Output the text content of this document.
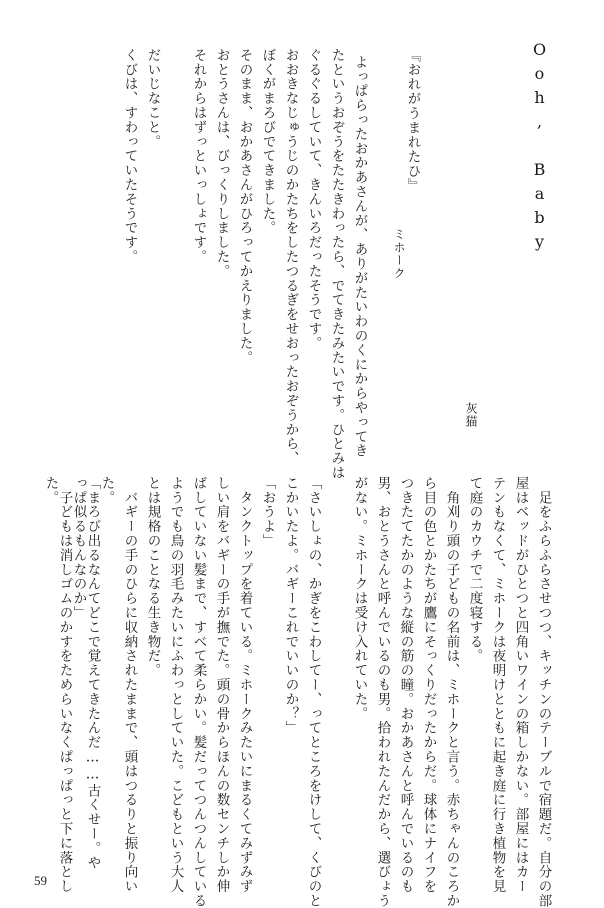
Ooh, Baby
『おれがうまれたひ』
ミホーク
よっぱらったおかあさんが、ありがたいわのくにからやってき
たというおぞうをたたきわったら、でてきたみたいです。ひとみは
ぐるぐるしていて、きんいろだったそうです。
おおきなじゅうじのかたちをしたつるぎをせおったおぞうから、
ぼくがまろびでてきました。
そのまま、おかあさんがひろってかえりました。
おとうさんは、びっくりしました。
それからはずっといっしょです。
だいじなこと。
くびは、すわっていたそうです。
灰猫
　足をふらふらさせつつ、キッチンのテーブルで宿題だ。自分の部
屋はベッドがひとつと四角いワインの箱しかない。部屋にはカー
テンもなくて、ミホークは夜明けとともに起き庭に行き植物を見
て庭のカウチで二度寝する。
　角刈り頭の子どもの名前は、ミホークと言う。赤ちゃんのころか
ら目の色とかたちが鷹にそっくりだったからだ。球体にナイフを
つきたてたかのような縦の筋の瞳。おかあさんと呼んでいるのも
男、おとうさんと呼んでいるのも男。拾われたんだから、選びょう
がない。ミホークは受け入れていた。
「さいしょの、かぎをこわしてー、ってところをけして、くびのと
こかいたよ。バギーこれでいいのか？」
「おうよ」
　タンクトップを着ている。ミホークみたいにまるくてみずみず
しい肩をバギーの手が撫でた。頭の骨からほんの数センチしか伸
ばしていない髪まで、すべて柔らかい。髪だってつんつんしている
ようでも鳥の羽毛みたいにふわっとしていた。こどもという大人
とは規格のことなる生き物だ。
　バギーの手のひらに収納されたままで、頭はつるりと振り向い
た。
「まろび出るなんてどこで覚えてきたんだ……古くせー。や
っぱ似るもんなのか」
　子どもは消しゴムのかすをためらいなくぱっぱっと下に落とし
た。
59
